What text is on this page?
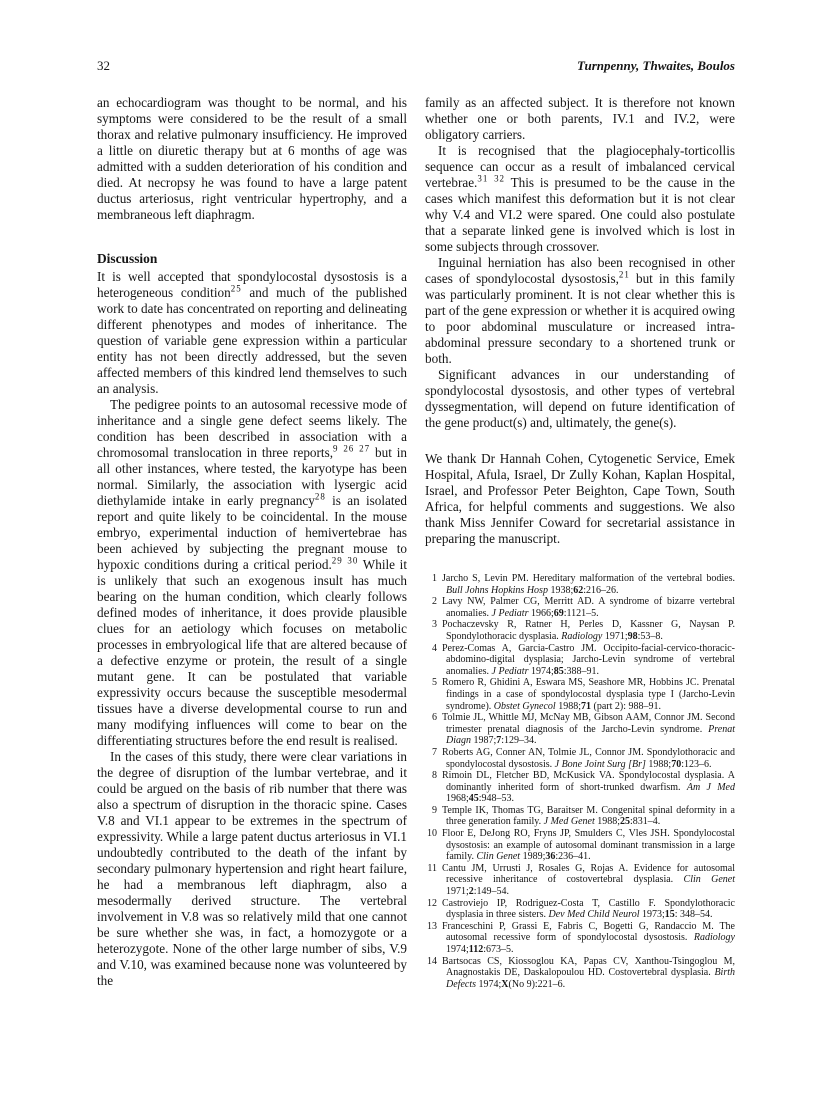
32	Turnpenny, Thwaites, Boulos

an echocardiogram was thought to be normal, and his symptoms were considered to be the result of a small thorax and relative pulmonary insufficiency. He improved a little on diuretic therapy but at 6 months of age was admitted with a sudden deterioration of his condition and died. At necropsy he was found to have a large patent ductus arteriosus, right ventricular hypertrophy, and a membraneous left diaphragm.

Discussion

It is well accepted that spondylocostal dysostosis is a heterogeneous condition$^{25}$ and much of the published work to date has concentrated on reporting and delineating different phenotypes and modes of inheritance. The question of variable gene expression within a particular entity has not been directly addressed, but the seven affected members of this kindred lend themselves to such an analysis.

The pedigree points to an autosomal recessive mode of inheritance and a single gene defect seems likely. The condition has been described in association with a chromosomal translocation in three reports,$^{9 26 27}$ but in all other instances, where tested, the karyotype has been normal. Similarly, the association with lysergic acid diethylamide intake in early pregnancy$^{28}$ is an isolated report and quite likely to be coincidental. In the mouse embryo, experimental induction of hemivertebrae has been achieved by subjecting the pregnant mouse to hypoxic conditions during a critical period.$^{29 30}$ While it is unlikely that such an exogenous insult has much bearing on the human condition, which clearly follows defined modes of inheritance, it does provide plausible clues for an aetiology which focuses on metabolic processes in embryological life that are altered because of a defective enzyme or protein, the result of a single mutant gene. It can be postulated that variable expressivity occurs because the susceptible mesodermal tissues have a diverse developmental course to run and many modifying influences will come to bear on the differentiating structures before the end result is realised.

In the cases of this study, there were clear variations in the degree of disruption of the lumbar vertebrae, and it could be argued on the basis of rib number that there was also a spectrum of disruption in the thoracic spine. Cases V.8 and VI.1 appear to be extremes in the spectrum of expressivity. While a large patent ductus arteriosus in VI.1 undoubtedly contributed to the death of the infant by secondary pulmonary hypertension and right heart failure, he had a membranous left diaphragm, also a mesodermally derived structure. The vertebral involvement in V.8 was so relatively mild that one cannot be sure whether she was, in fact, a homozygote or a heterozygote. None of the other large number of sibs, V.9 and V.10, was examined because none was volunteered by the

family as an affected subject. It is therefore not known whether one or both parents, IV.1 and IV.2, were obligatory carriers.

It is recognised that the plagiocephaly-torticollis sequence can occur as a result of imbalanced cervical vertebrae.$^{31 32}$ This is presumed to be the cause in the cases which manifest this deformation but it is not clear why V.4 and VI.2 were spared. One could also postulate that a separate linked gene is involved which is lost in some subjects through crossover.

Inguinal herniation has also been recognised in other cases of spondylocostal dysostosis,$^{21}$ but in this family was particularly prominent. It is not clear whether this is part of the gene expression or whether it is acquired owing to poor abdominal musculature or increased intra-abdominal pressure secondary to a shortened trunk or both.

Significant advances in our understanding of spondylocostal dysostosis, and other types of vertebral dyssegmentation, will depend on future identification of the gene product(s) and, ultimately, the gene(s).

We thank Dr Hannah Cohen, Cytogenetic Service, Emek Hospital, Afula, Israel, Dr Zully Kohan, Kaplan Hospital, Israel, and Professor Peter Beighton, Cape Town, South Africa, for helpful comments and suggestions. We also thank Miss Jennifer Coward for secretarial assistance in preparing the manuscript.

1 Jarcho S, Levin PM. Hereditary malformation of the vertebral bodies. Bull Johns Hopkins Hosp 1938;62:216–26.

2 Lavy NW, Palmer CG, Merritt AD. A syndrome of bizarre vertebral anomalies. J Pediatr 1966;69:1121–5.

3 Pochaczevsky R, Ratner H, Perles D, Kassner G, Naysan P. Spondylothoracic dysplasia. Radiology 1971;98:53–8.

4 Perez-Comas A, Garcia-Castro JM. Occipito-facial-cervico-thoracic-abdomino-digital dysplasia; Jarcho-Levin syndrome of vertebral anomalies. J Pediatr 1974;85:388–91.

5 Romero R, Ghidini A, Eswara MS, Seashore MR, Hobbins JC. Prenatal findings in a case of spondylocostal dysplasia type I (Jarcho-Levin syndrome). Obstet Gynecol 1988;71 (part 2): 988–91.

6 Tolmie JL, Whittle MJ, McNay MB, Gibson AAM, Connor JM. Second trimester prenatal diagnosis of the Jarcho-Levin syndrome. Prenat Diagn 1987;7:129–34.

7 Roberts AG, Conner AN, Tolmie JL, Connor JM. Spondylothoracic and spondylocostal dysostosis. J Bone Joint Surg [Br] 1988;70:123–6.

8 Rimoin DL, Fletcher BD, McKusick VA. Spondylocostal dysplasia. A dominantly inherited form of short-trunked dwarfism. Am J Med 1968;45:948–53.

9 Temple IK, Thomas TG, Baraitser M. Congenital spinal deformity in a three generation family. J Med Genet 1988;25:831–4.

10 Floor E, DeJong RO, Fryns JP, Smulders C, Vles JSH. Spondylocostal dysostosis: an example of autosomal dominant transmission in a large family. Clin Genet 1989;36:236–41.

11 Cantu JM, Urrusti J, Rosales G, Rojas A. Evidence for autosomal recessive inheritance of costovertebral dysplasia. Clin Genet 1971;2:149–54.

12 Castroviejo IP, Rodriguez-Costa T, Castillo F. Spondylothoracic dysplasia in three sisters. Dev Med Child Neurol 1973;15: 348–54.

13 Franceschini P, Grassi E, Fabris C, Bogetti G, Randaccio M. The autosomal recessive form of spondylocostal dysostosis. Radiology 1974;112:673–5.

14 Bartsocas CS, Kiossoglou KA, Papas CV, Xanthou-Tsingoglou M, Anagnostakis DE, Daskalopoulou HD. Costovertebral dysplasia. Birth Defects 1974;X(No 9):221–6.
